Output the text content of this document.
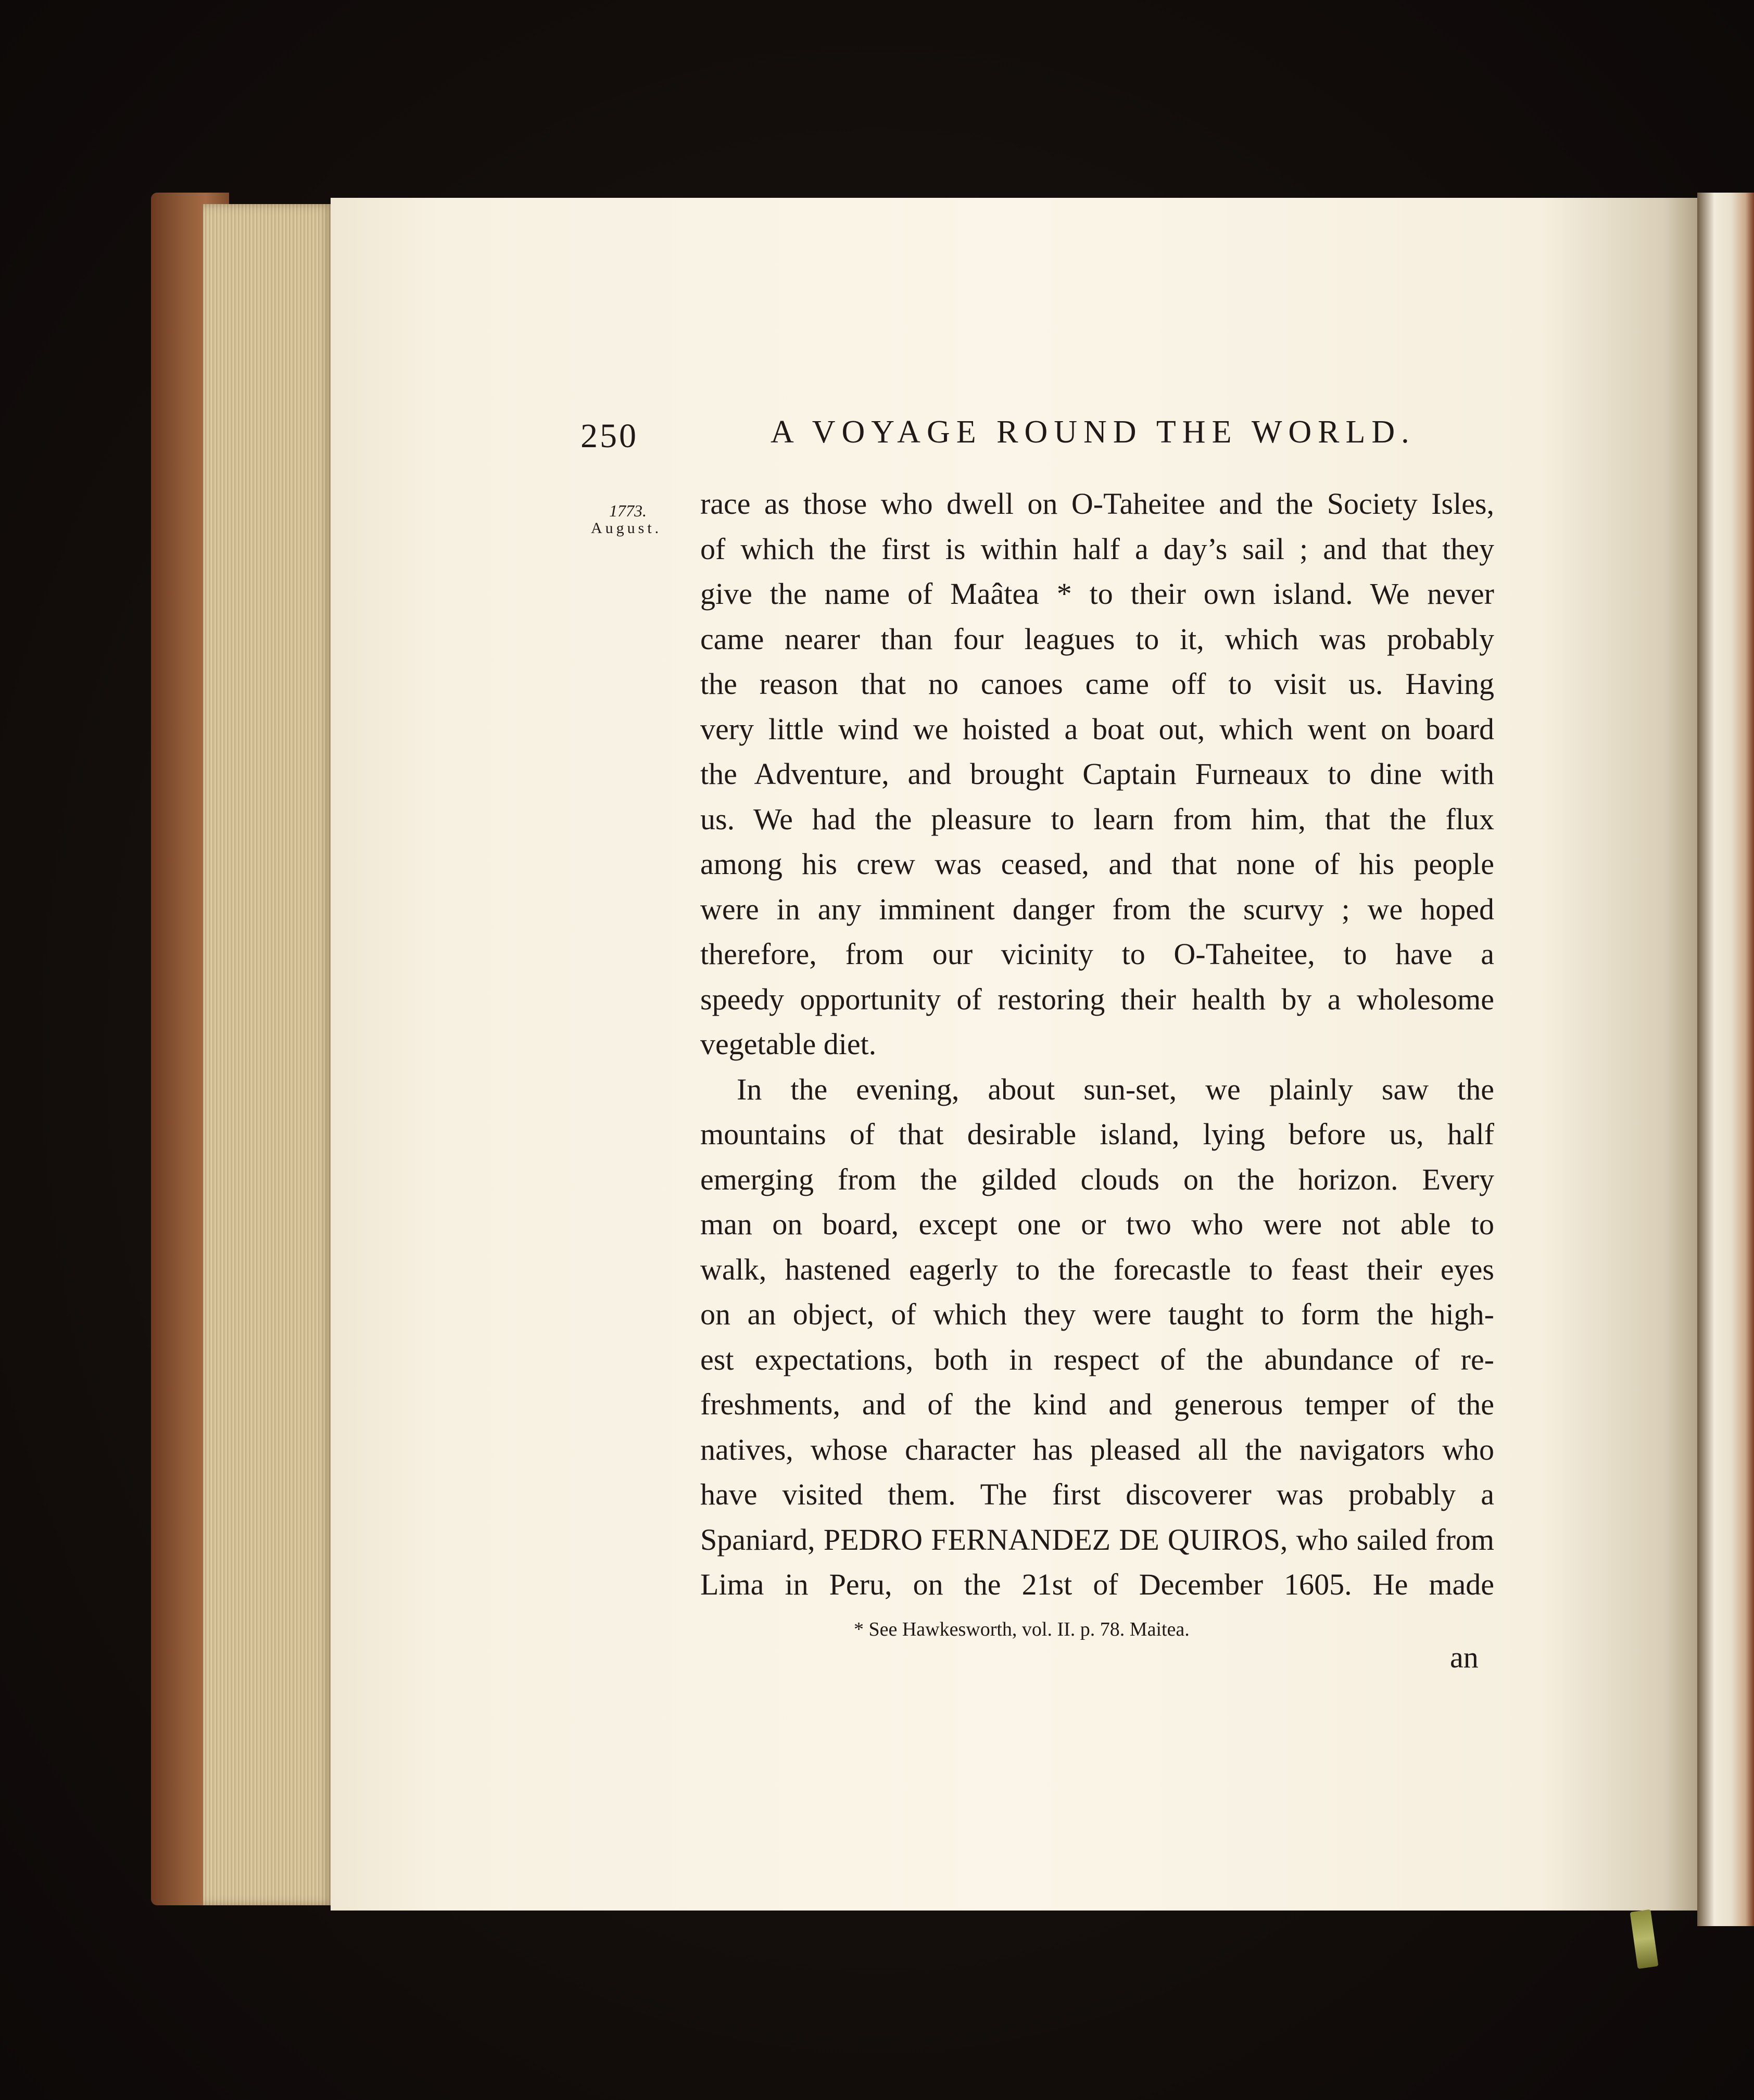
250	A VOYAGE ROUND THE WORLD.
1773.
August.
race as those who dwell on O-Taheitee and the Society Isles,
of which the first is within half a day’s sail ; and that they
give the name of Maâtea * to their own island. We never
came nearer than four leagues to it, which was probably
the reason that no canoes came off to visit us. Having
very little wind we hoisted a boat out, which went on board
the Adventure, and brought Captain Furneaux to dine with
us. We had the pleasure to learn from him, that the flux
among his crew was ceased, and that none of his people
were in any imminent danger from the scurvy ; we hoped
therefore, from our vicinity to O-Taheitee, to have a
speedy opportunity of restoring their health by a wholesome
vegetable diet.
In the evening, about sun-set, we plainly saw the
mountains of that desirable island, lying before us, half
emerging from the gilded clouds on the horizon. Every
man on board, except one or two who were not able to
walk, hastened eagerly to the forecastle to feast their eyes
on an object, of which they were taught to form the high-
est expectations, both in respect of the abundance of re-
freshments, and of the kind and generous temper of the
natives, whose character has pleased all the navigators who
have visited them. The first discoverer was probably a
Spaniard, PEDRO FERNANDEZ DE QUIROS, who sailed from
Lima in Peru, on the 21st of December 1605. He made
* See Hawkesworth, vol. II. p. 78. Maitea.
an
